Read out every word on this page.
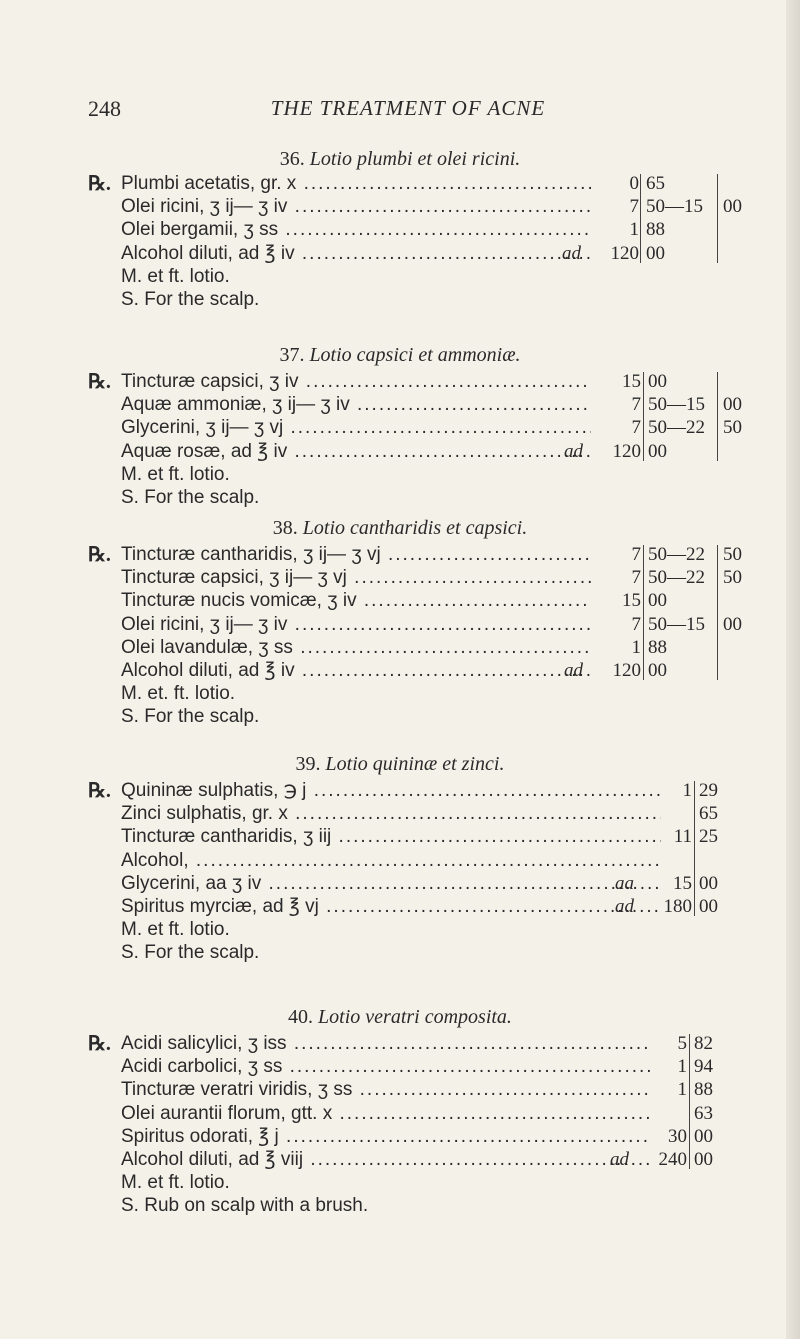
248	THE TREATMENT OF ACNE
36. Lotio plumbi et olei ricini.
℞. Plumbi acetatis, gr. x .....	0 65
Olei ricini, ʒ ij— ʒ iv .....	7 50—15 00
Olei bergamii, ʒ ss .....	1 88
Alcohol diluti, ad ℥ iv .....	ad	120 00
M. et ft. lotio.
S. For the scalp.
37. Lotio capsici et ammoniæ.
℞. Tincturæ capsici, ʒ iv .....	15 00
Aquæ ammoniæ, ʒ ij— ʒ iv .....	7 50—15 00
Glycerini, ʒ ij— ʒ vj .....	7 50—22 50
Aquæ rosæ, ad ℥ iv .....	ad	120 00
M. et ft. lotio.
S. For the scalp.
38. Lotio cantharidis et capsici.
℞. Tincturæ cantharidis, ʒ ij— ʒ vj .....	7 50—22 50
Tincturæ capsici, ʒ ij— ʒ vj .....	7 50—22 50
Tincturæ nucis vomicæ, ʒ iv .....	15 00
Olei ricini, ʒ ij— ʒ iv .....	7 50—15 00
Olei lavandulæ, ʒ ss .....	1 88
Alcohol diluti, ad ℥ iv .....	ad	120 00
M. et. ft. lotio.
S. For the scalp.
39. Lotio quininæ et zinci.
℞. Quininæ sulphatis, ℈ j .....	1 29
Zinci sulphatis, gr. x .....	65
Tincturæ cantharidis, ʒ iij .....	11 25
Alcohol, .....
Glycerini, aa ʒ iv .....	aa	15 00
Spiritus myrciæ, ad ℥ vj .....	ad	180 00
M. et ft. lotio.
S. For the scalp.
40. Lotio veratri composita.
℞. Acidi salicylici, ʒ iss .....	5 82
Acidi carbolici, ʒ ss .....	1 94
Tincturæ veratri viridis, ʒ ss .....	1 88
Olei aurantii florum, gtt. x .....	63
Spiritus odorati, ℥ j .....	30 00
Alcohol diluti, ad ℥ viij .....	ad	240 00
M. et ft. lotio.
S. Rub on scalp with a brush.
